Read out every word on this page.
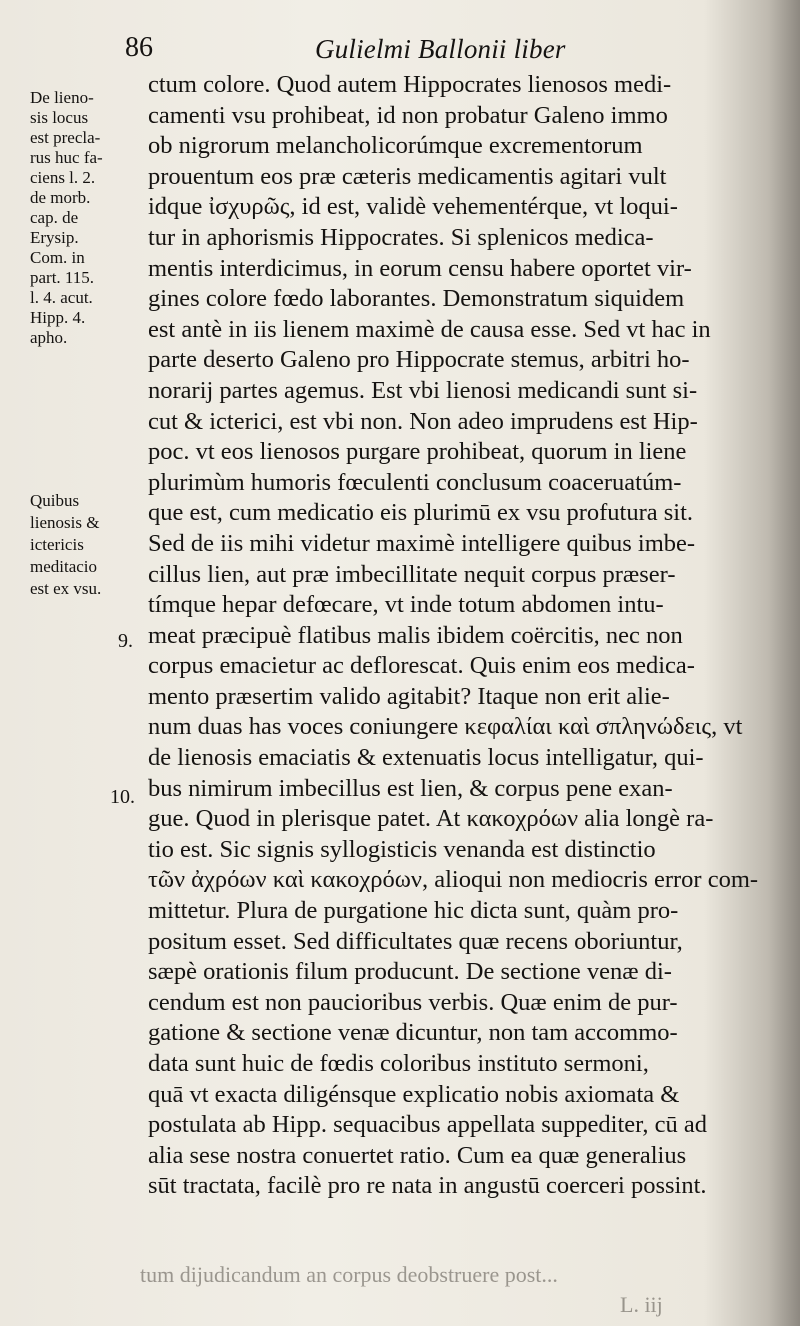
86	Gulielmi Ballonii liber
De lieno-
sis locus
est precla-
rus huc fa-
ciens l. 2.
de morb.
cap. de
Erysip.
Com. in
part. 115.
l. 4. acut.
Hipp. 4.
apho.
Quibus
lienosis &
ictericis
meditacio
est ex vsu.
9.
10.
ctum colore. Quod autem Hippocrates lienosos medi-
camenti vsu prohibeat, id non probatur Galeno immo
ob nigrorum melancholicorúmque excrementorum
prouentum eos præ cæteris medicamentis agitari vult
idque ἰσχυρῶς, id est, validè vehementérque, vt loqui-
tur in aphorismis Hippocrates. Si splenicos medica-
mentis interdicimus, in eorum censu habere oportet vir-
gines colore fœdo laborantes. Demonstratum siquidem
est antè in iis lienem maximè de causa esse. Sed vt hac in
parte deserto Galeno pro Hippocrate stemus, arbitri ho-
norarij partes agemus. Est vbi lienosi medicandi sunt si-
cut & icterici, est vbi non. Non adeo imprudens est Hip-
poc. vt eos lienosos purgare prohibeat, quorum in liene
plurimùm humoris fœculenti conclusum coaceruatúm-
que est, cum medicatio eis plurimū ex vsu profutura sit.
Sed de iis mihi videtur maximè intelligere quibus imbe-
cillus lien, aut præ imbecillitate nequit corpus præser-
tímque hepar defœcare, vt inde totum abdomen intu-
meat præcipuè flatibus malis ibidem coërcitis, nec non
corpus emacietur ac deflorescat. Quis enim eos medica-
mento præsertim valido agitabit? Itaque non erit alie-
num duas has voces coniungere κεφαλίαι καὶ σπληνώδεις, vt
de lienosis emaciatis & extenuatis locus intelligatur, qui-
bus nimirum imbecillus est lien, & corpus pene exan-
gue. Quod in plerisque patet. At κακοχρόων alia longè ra-
tio est. Sic signis syllogisticis venanda est distinctio
τῶν ἀχρόων καὶ κακοχρόων, alioqui non mediocris error com-
mittetur. Plura de purgatione hic dicta sunt, quàm pro-
positum esset. Sed difficultates quæ recens oboriuntur,
sæpè orationis filum producunt. De sectione venæ di-
cendum est non paucioribus verbis. Quæ enim de pur-
gatione & sectione venæ dicuntur, non tam accommo-
data sunt huic de fœdis coloribus instituto sermoni,
quā vt exacta diligénsque explicatio nobis axiomata &
postulata ab Hipp. sequacibus appellata suppediter, cū ad
alia sese nostra conuertet ratio. Cum ea quæ generalius
sūt tractata, facilè pro re nata in angustū coerceri possint.
tum dijudicandum an corpus deobstruere post...
L. iij
